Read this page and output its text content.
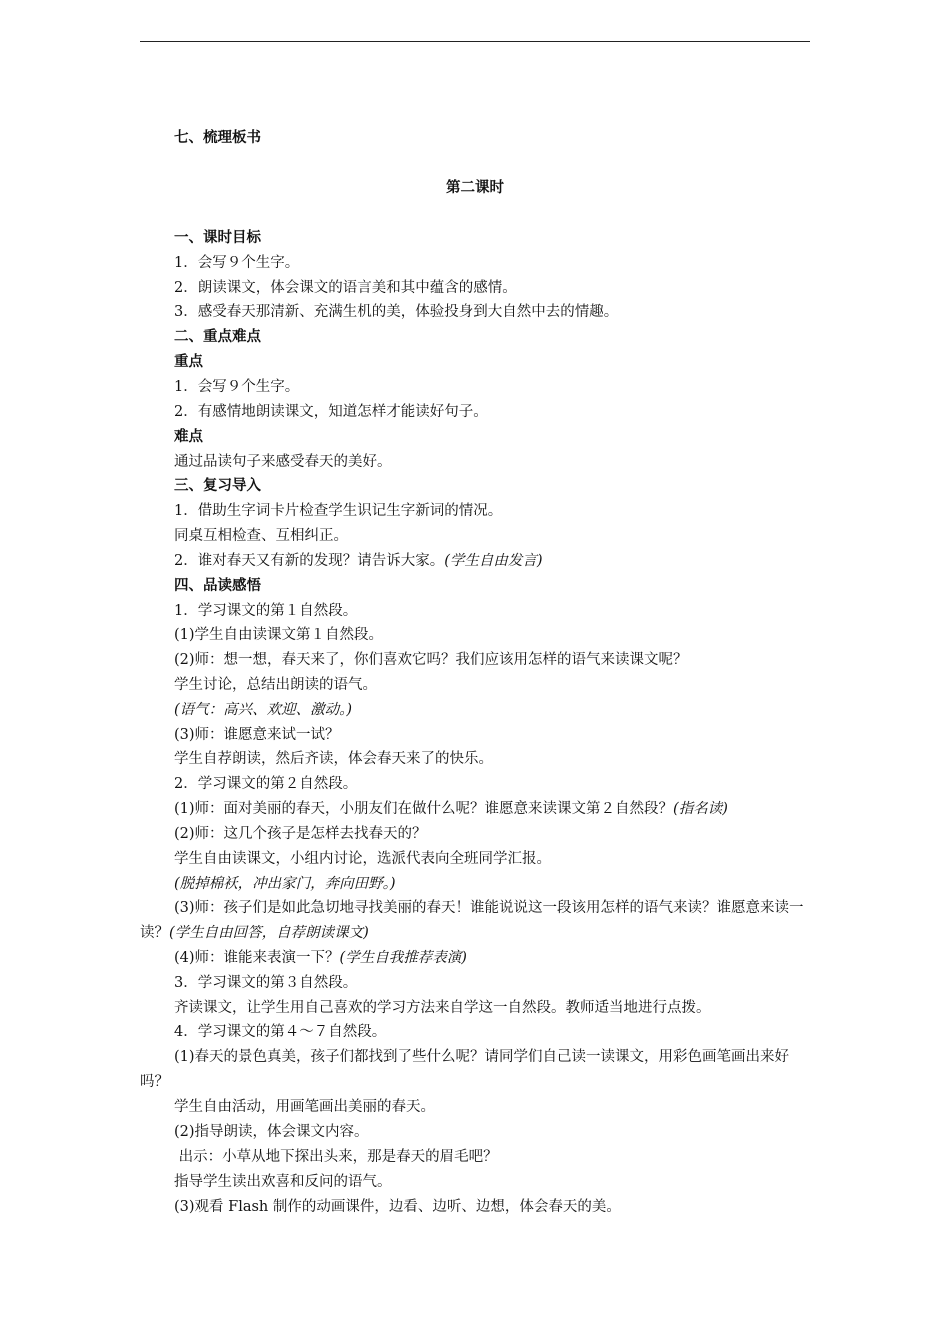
七、梳理板书
第二课时
一、课时目标
1．会写９个生字。
2．朗读课文，体会课文的语言美和其中蕴含的感情。
3．感受春天那清新、充满生机的美，体验投身到大自然中去的情趣。
二、重点难点
重点
1．会写９个生字。
2．有感情地朗读课文，知道怎样才能读好句子。
难点
通过品读句子来感受春天的美好。
三、复习导入
1．借助生字词卡片检查学生识记生字新词的情况。
同桌互相检查、互相纠正。
2．谁对春天又有新的发现？请告诉大家。(学生自由发言)
四、品读感悟
1．学习课文的第１自然段。
(1)学生自由读课文第１自然段。
(2)师：想一想，春天来了，你们喜欢它吗？我们应该用怎样的语气来读课文呢？
学生讨论，总结出朗读的语气。
(语气：高兴、欢迎、激动。)
(3)师：谁愿意来试一试？
学生自荐朗读，然后齐读，体会春天来了的快乐。
2．学习课文的第２自然段。
(1)师：面对美丽的春天，小朋友们在做什么呢？谁愿意来读课文第２自然段？(指名读)
(2)师：这几个孩子是怎样去找春天的？
学生自由读课文，小组内讨论，选派代表向全班同学汇报。
(脱掉棉袄，冲出家门，奔向田野。)
(3)师：孩子们是如此急切地寻找美丽的春天！谁能说说这一段该用怎样的语气来读？谁愿意来读一读？(学生自由回答，自荐朗读课文)
(4)师：谁能来表演一下？(学生自我推荐表演)
3．学习课文的第３自然段。
齐读课文，让学生用自己喜欢的学习方法来自学这一自然段。教师适当地进行点拨。
4．学习课文的第４～７自然段。
(1)春天的景色真美，孩子们都找到了些什么呢？请同学们自己读一读课文，用彩色画笔画出来好吗？
学生自由活动，用画笔画出美丽的春天。
(2)指导朗读，体会课文内容。
出示：小草从地下探出头来，那是春天的眉毛吧？
指导学生读出欢喜和反问的语气。
(3)观看 Flash 制作的动画课件，边看、边听、边想，体会春天的美。
